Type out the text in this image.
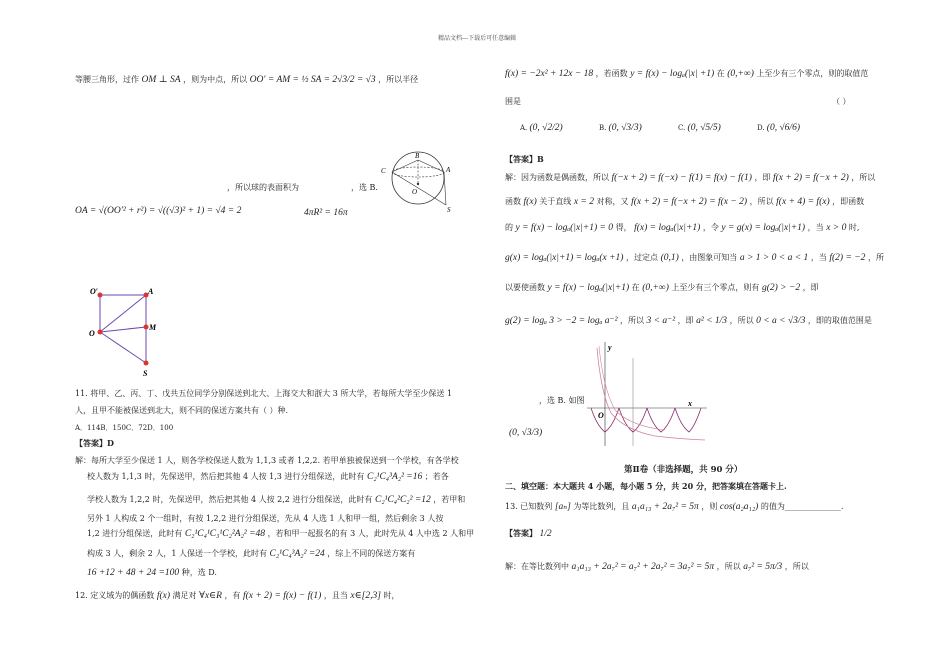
精品文档---下载后可任意编辑
等腰三角形，过作 OM ⊥ SA ，则为中点，所以 OO′ = AM = ½ SA = 2√3/2 = √3 ，所以半径
B
C	A
O
S
，所以球的表面积为	，选 B.
OA = √(OO′² + r²) = √((√3)² + 1) = √4 = 2	4πR² = 16π
O′	A
O
M
S
11. 将甲、乙、丙、丁、戊共五位同学分别保送到北大、上海交大和浙大 3 所大学，若每所大学至少保送 1
人，且甲不能被保送到北大，则不同的保送方案共有（ ）种.
A．114B．150C．72D．100
【答案】D
解：每所大学至少保送 1 人，则各学校保送人数为 1,1,3 或者 1,2,2. 若甲单独被保送到一个学校，有各学校
校人数为 1,1,3 时，先保送甲，然后把其他 4 人按 1,3 进行分组保送，此时有 C₂¹C₄³A₂² =16 ；若各
学校人数为 1,2,2 时，先保送甲，然后把其他 4 人按 2,2 进行分组保送，此时有 C₂¹C₄²C₂² =12 ，若甲和
另外 1 人构成 2 个一组时，有按 1,2,2 进行分组保送，先从 4 人选 1 人和甲一组，然后剩余 3 人按
1,2 进行分组保送，此时有 C₂¹C₄¹C₃¹C₂²A₂² =48 ，若和甲一起报名的有 3 人，此时先从 4 人中选 2 人和甲
构成 3 人，剩余 2 人，1 人保送一个学校，此时有 C₂¹C₄³A₂² =24 ，综上不同的保送方案有
16 +12 + 48 + 24 =100 种，选 D.
12. 定义域为的偶函数 f(x) 满足对 ∀x∈R ，有 f(x + 2) = f(x) − f(1) ，且当 x∈[2,3] 时，
f(x) = −2x² + 12x − 18 ，若函数 y = f(x) − logₐ(|x| +1) 在 (0,+∞) 上至少有三个零点，则的取值范
围是	（ ）
A. (0, √2/2)	B. (0, √3/3)	C. (0, √5/5)	D. (0, √6/6)
【答案】B
解：因为函数是偶函数，所以 f(−x + 2) = f(−x) − f(1) = f(x) − f(1) ，即 f(x + 2) = f(−x + 2) ，所以
函数 f(x) 关于直线 x = 2 对称，又 f(x + 2) = f(−x + 2) = f(x − 2) ，所以 f(x + 4) = f(x) ，即函数
的 y = f(x) − logₐ(|x|+1) = 0 得， f(x) = logₐ(|x|+1) ，令 y = g(x) = logₐ(|x|+1) ，当 x > 0 时,
g(x) = logₐ(|x|+1) = logₐ(x +1) ，过定点 (0,1) ，由图象可知当 a > 1 > 0 < a < 1 ，当 f(2) = −2 ，所
以要使函数 y = f(x) − logₐ(|x|+1) 在 (0,+∞) 上至少有三个零点，则有 g(2) > −2 ，即
g(2) = logₐ 3 > −2 = logₐ a⁻² ，所以 3 < a⁻² ，即 a² < 1/3 ，所以 0 < a < √3/3 ，即的取值范围是
y
x
O
，选 B. 如图
(0, √3/3)
第Ⅱ卷（非选择题，共 90 分）
二、填空题：本大题共 4 小题，每小题 5 分，共 20 分，把答案填在答题卡上.
13. 已知数列 [aₙ] 为等比数列，且 a₁a₁₃ + 2a₇² = 5π ，则 cos(a₂a₁₂) 的值为______________.
【答案】 1/2
解：在等比数列中 a₁a₁₃ + 2a₇² = a₇² + 2a₇² = 3a₇² = 5π ，所以 a₇² = 5π/3 ，所以
